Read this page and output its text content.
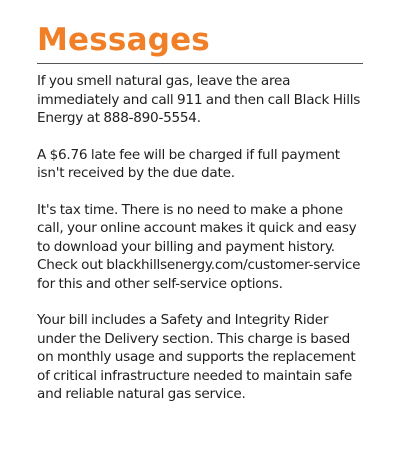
Messages

If you smell natural gas, leave the area immediately and call 911 and then call Black Hills Energy at 888-890-5554.

A $6.76 late fee will be charged if full payment isn't received by the due date.

It's tax time. There is no need to make a phone call, your online account makes it quick and easy to download your billing and payment history. Check out blackhillsenergy.com/customer-service for this and other self-service options.

Your bill includes a Safety and Integrity Rider under the Delivery section. This charge is based on monthly usage and supports the replacement of critical infrastructure needed to maintain safe and reliable natural gas service.
